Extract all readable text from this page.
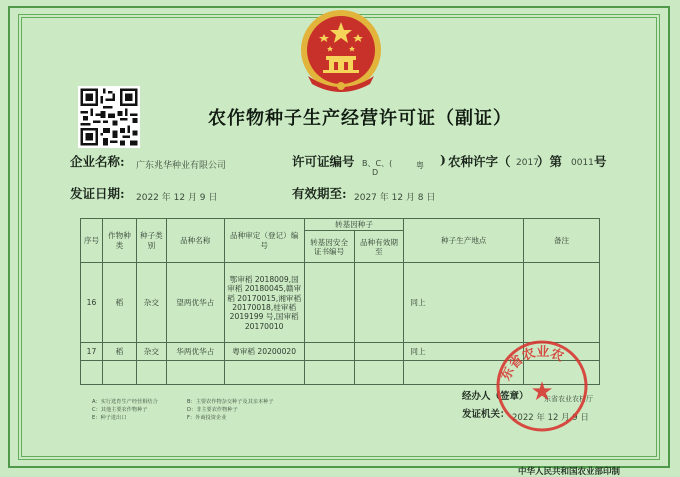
农作物种子生产经营许可证（副证）
企业名称: 广东兆华种业有限公司	许可证编号 B、C、(
D
粤 ) 农种许字（ 2017
）第 0011 号
发证日期: 2022 年 12 月 9 日	有效期至: 2027 年 12 月 8 日
序号	作物种类	种子类别	品种名称	品种审定（登记）编号	转基因种子		种子生产地点	备注
					转基因安全证书编号	品种有效期至		
16	稻	杂交	望两优华占	鄂审稻 2018009,国审稻 20180045,赣审稻 20170015,湘审稻 20170018,桂审稻 2019199 号,国审稻 20170010			同上	
17	稻	杂交	华两优华占	粤审稻 20200020			同上	

A：实行选育生产经营相结合	B：主要农作物杂交种子及其亲本种子
C：其他主要农作物种子	D：非主要农作物种子
E：种子进出口	F：外商投资企业
经办人（签章）
发证机关：
东省农业农村厅
2022 年 12 月 9 日
东省农业农
★
中华人民共和国农业部印制
